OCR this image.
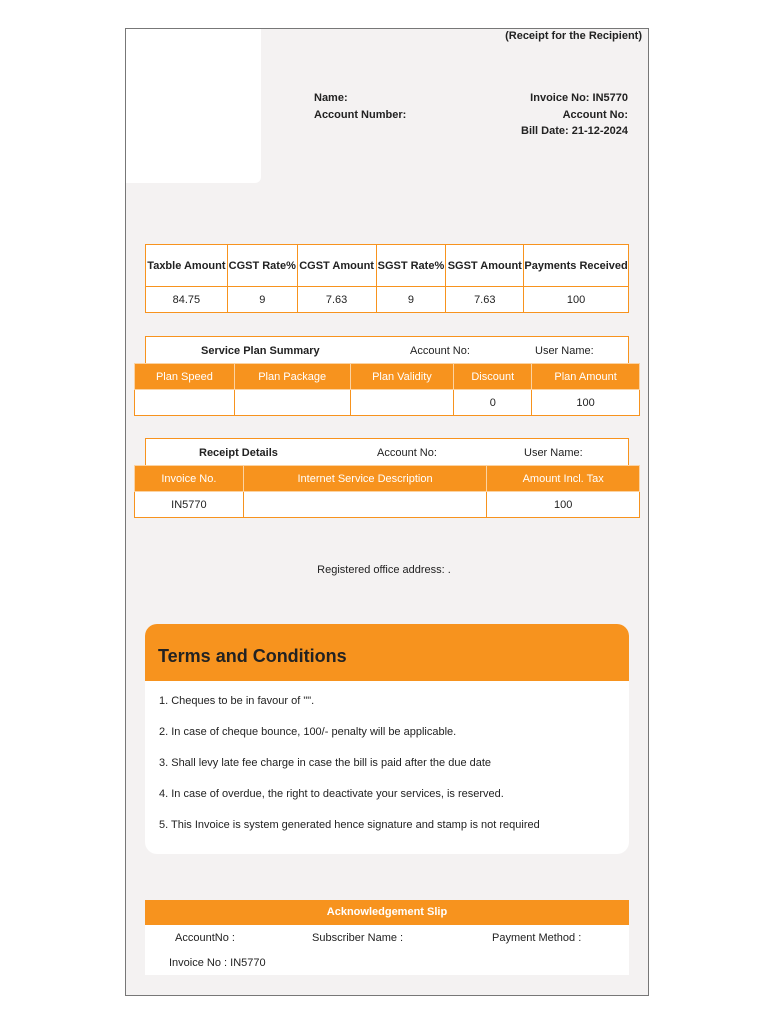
(Receipt for the Recipient)
Name:
Account Number:
Invoice No: IN5770
Account No:
Bill Date: 21-12-2024
Taxble Amount	CGST Rate%	CGST Amount	SGST Rate%	SGST Amount	Payments Received
84.75	9	7.63	9	7.63	100
Service Plan Summary	Account No:	User Name:
Plan Speed	Plan Package	Plan Validity	Discount	Plan Amount
			0	100
Receipt Details	Account No:	User Name:
Invoice No.	Internet Service Description	Amount Incl. Tax
IN5770		100
Registered office address: .
Terms and Conditions
1. Cheques to be in favour of "".
2. In case of cheque bounce, 100/- penalty will be applicable.
3. Shall levy late fee charge in case the bill is paid after the due date
4. In case of overdue, the right to deactivate your services, is reserved.
5. This Invoice is system generated hence signature and stamp is not required
Acknowledgement Slip
AccountNo :	Subscriber Name :	Payment Method :
Invoice No : IN5770
